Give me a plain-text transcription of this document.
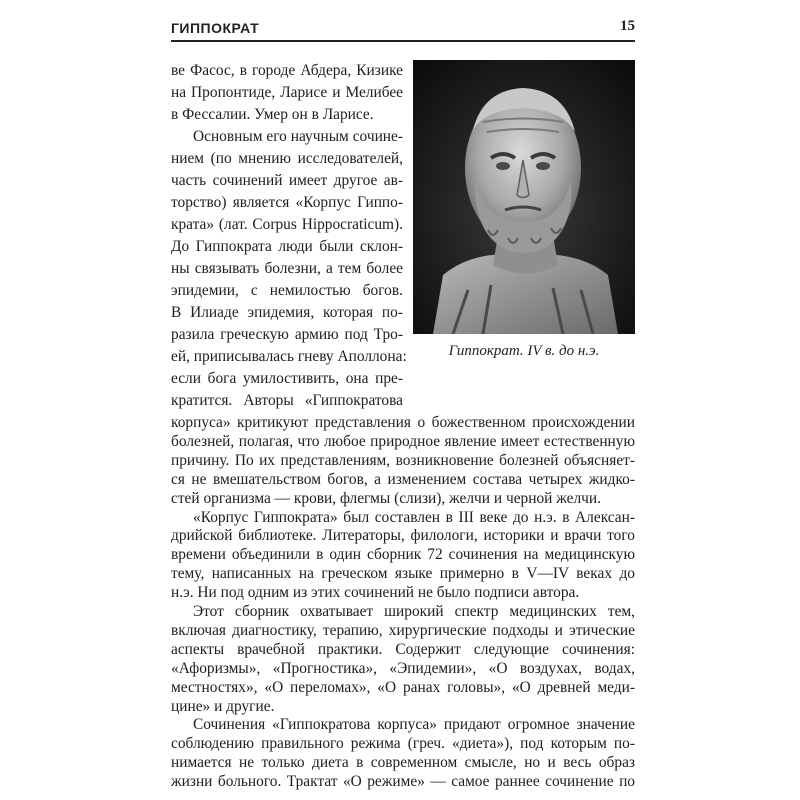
ГИППОКРАТ	15
Гиппократ. IV в. до н.э.
ве Фасос, в городе Абдера, Кизике
на Пропонтиде, Ларисе и Мелибее
в Фессалии. Умер он в Ларисе.
Основным его научным сочине-
нием (по мнению исследователей,
часть сочинений имеет другое ав-
торство) является «Корпус Гиппо-
крата» (лат. Corpus Hippocraticum).
До Гиппократа люди были склон-
ны связывать болезни, а тем более
эпидемии, с немилостью богов.
В Илиаде эпидемия, которая по-
разила греческую армию под Тро-
ей, приписывалась гневу Аполлона:
если бога умилостивить, она пре-
кратится. Авторы «Гиппократова
корпуса» критикуют представления о божественном происхождении
болезней, полагая, что любое природное явление имеет естественную
причину. По их представлениям, возникновение болезней объясняет-
ся не вмешательством богов, а изменением состава четырех жидко-
стей организма — крови, флегмы (слизи), желчи и черной желчи.
«Корпус Гиппократа» был составлен в III веке до н.э. в Алексан-
дрийской библиотеке. Литераторы, филологи, историки и врачи того
времени объединили в один сборник 72 сочинения на медицинскую
тему, написанных на греческом языке примерно в V—IV веках до
н.э. Ни под одним из этих сочинений не было подписи автора.
Этот сборник охватывает широкий спектр медицинских тем,
включая диагностику, терапию, хирургические подходы и этические
аспекты врачебной практики. Содержит следующие сочинения:
«Афоризмы», «Прогностика», «Эпидемии», «О воздухах, водах,
местностях», «О переломах», «О ранах головы», «О древней меди-
цине» и другие.
Сочинения «Гиппократова корпуса» придают огромное значение
соблюдению правильного режима (греч. «диета»), под которым по-
нимается не только диета в современном смысле, но и весь образ
жизни больного. Трактат «О режиме» — самое раннее сочинение по
